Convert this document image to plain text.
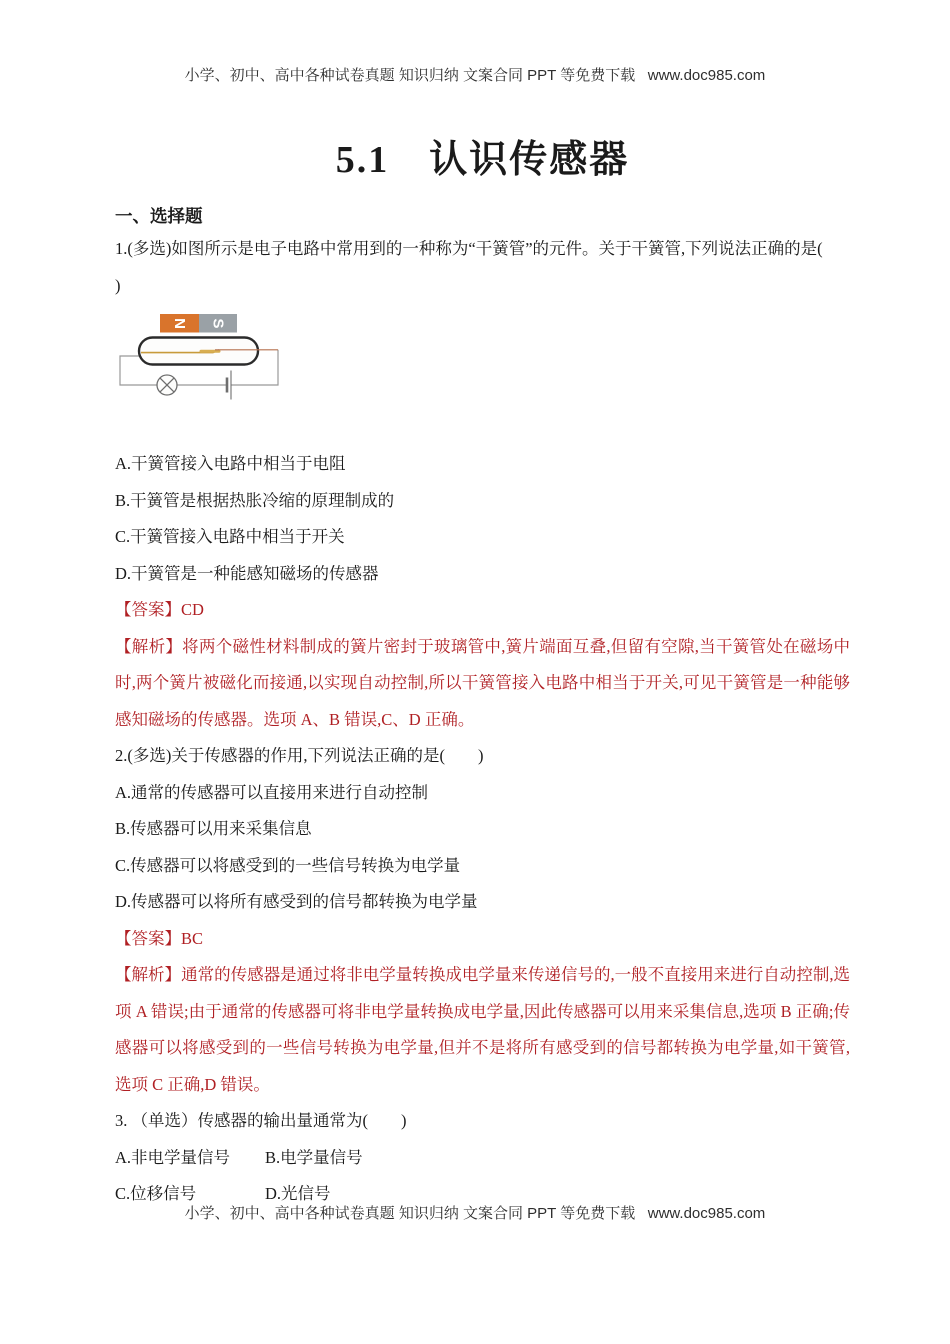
小学、初中、高中各种试卷真题 知识归纳 文案合同 PPT 等免费下载   www.doc985.com
5.1　认识传感器
一、选择题

1.(多选)如图所示是电子电路中常用到的一种称为“干簧管”的元件。关于干簧管,下列说法正确的是(

)

N S

A.干簧管接入电路中相当于电阻

B.干簧管是根据热胀冷缩的原理制成的

C.干簧管接入电路中相当于开关

D.干簧管是一种能感知磁场的传感器

【答案】CD

【解析】将两个磁性材料制成的簧片密封于玻璃管中,簧片端面互叠,但留有空隙,当干簧管处在磁场中时,两个簧片被磁化而接通,以实现自动控制,所以干簧管接入电路中相当于开关,可见干簧管是一种能够感知磁场的传感器。选项 A、B 错误,C、D 正确。

2.(多选)关于传感器的作用,下列说法正确的是(　　)

A.通常的传感器可以直接用来进行自动控制

B.传感器可以用来采集信息

C.传感器可以将感受到的一些信号转换为电学量

D.传感器可以将所有感受到的信号都转换为电学量

【答案】BC

【解析】通常的传感器是通过将非电学量转换成电学量来传递信号的,一般不直接用来进行自动控制,选项 A 错误;由于通常的传感器可将非电学量转换成电学量,因此传感器可以用来采集信息,选项 B 正确;传感器可以将感受到的一些信号转换为电学量,但并不是将所有感受到的信号都转换为电学量,如干簧管,选项 C 正确,D 错误。

3. （单选）传感器的输出量通常为(　　)

A.非电学量信号 B.电学量信号

C.位移信号	D.光信号

小学、初中、高中各种试卷真题 知识归纳 文案合同 PPT 等免费下载   www.doc985.com
